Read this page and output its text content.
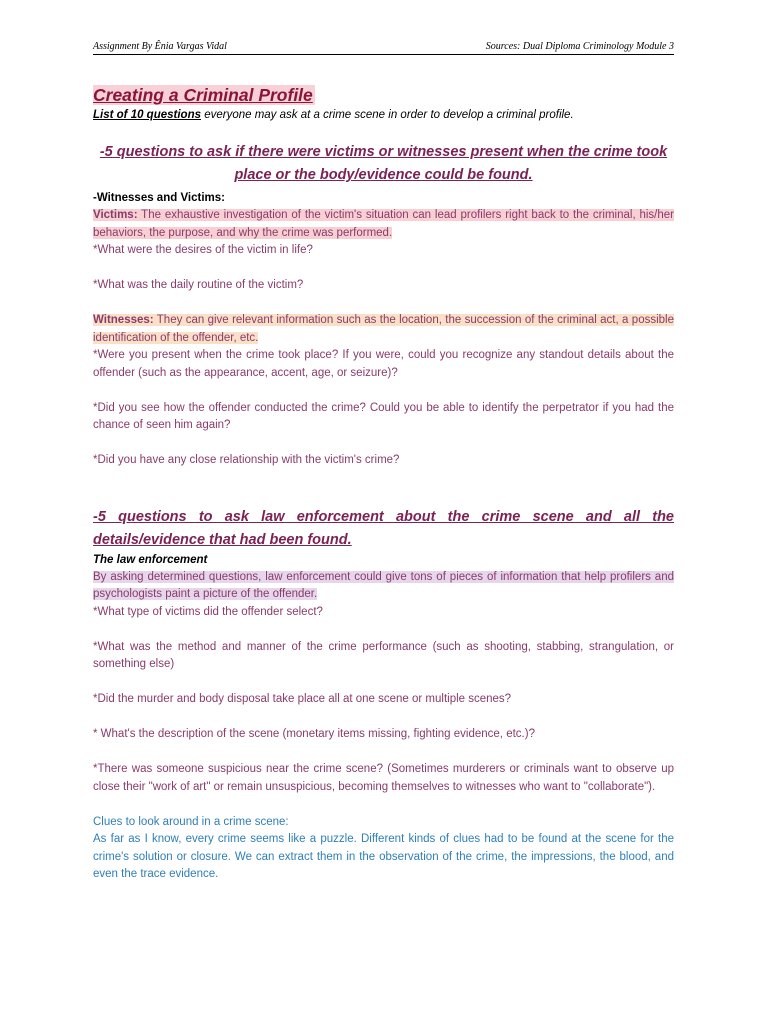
Assignment By Ênia Vargas Vidal	Sources: Dual Diploma Criminology Module 3
Creating a Criminal Profile
List of 10 questions everyone may ask at a crime scene in order to develop a criminal profile.
-5 questions to ask if there were victims or witnesses present when the crime took place or the body/evidence could be found.
-Witnesses and Victims:

Victims: The exhaustive investigation of the victim's situation can lead profilers right back to the criminal, his/her behaviors, the purpose, and why the crime was performed.

*What were the desires of the victim in life?

*What was the daily routine of the victim?

Witnesses: They can give relevant information such as the location, the succession of the criminal act, a possible identification of the offender, etc.

*Were you present when the crime took place? If you were, could you recognize any standout details about the offender (such as the appearance, accent, age, or seizure)?

*Did you see how the offender conducted the crime? Could you be able to identify the perpetrator if you had the chance of seen him again?

*Did you have any close relationship with the victim's crime?

-5 questions to ask law enforcement about the crime scene and all the details/evidence that had been found.
The law enforcement

By asking determined questions, law enforcement could give tons of pieces of information that help profilers and psychologists paint a picture of the offender.

*What type of victims did the offender select?

*What was the method and manner of the crime performance (such as shooting, stabbing, strangulation, or something else)

*Did the murder and body disposal take place all at one scene or multiple scenes?

* What's the description of the scene (monetary items missing, fighting evidence, etc.)?

*There was someone suspicious near the crime scene? (Sometimes murderers or criminals want to observe up close their "work of art" or remain unsuspicious, becoming themselves to witnesses who want to "collaborate").

Clues to look around in a crime scene:

As far as I know, every crime seems like a puzzle. Different kinds of clues had to be found at the scene for the crime's solution or closure. We can extract them in the observation of the crime, the impressions, the blood, and even the trace evidence.
